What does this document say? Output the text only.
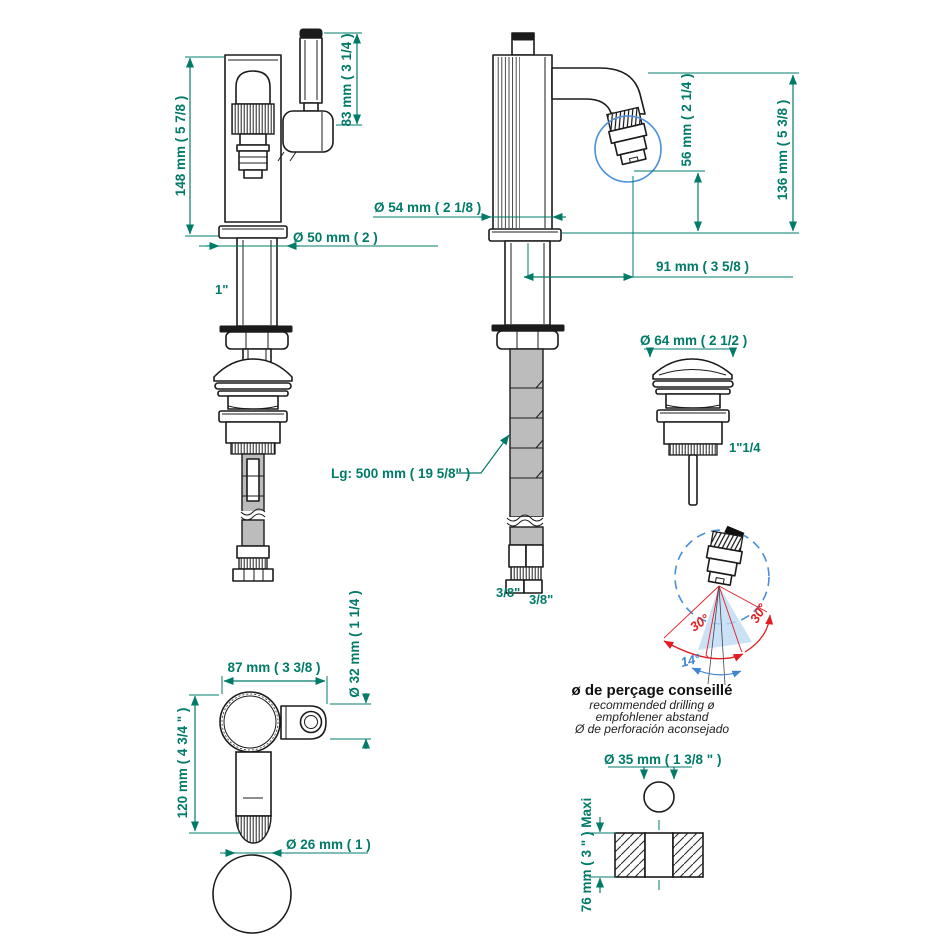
30°	30°
14°
ø de perçage conseillé
recommended drilling ø
empfohlener abstand
Ø de perforación aconsejado
148 mm ( 5 7/8 )
83 mm ( 3 1/4 )
Ø 50 mm ( 2 )
1"
Ø 54 mm ( 2 1/8 )
56 mm ( 2 1/4 )	136 mm ( 5 3/8 )
91 mm ( 3 5/8 )
Lg: 500 mm ( 19 5/8" )
3/8" 3/8"
Ø 64 mm ( 2 1/2 )
1"1/4
87 mm ( 3 3/8 ) Ø 32 mm ( 1 1/4 )
120 mm ( 4 3/4 " )
Ø 26 mm ( 1 )
Ø 35 mm ( 1 3/8 " )
76 mm ( 3 " ) Maxi
